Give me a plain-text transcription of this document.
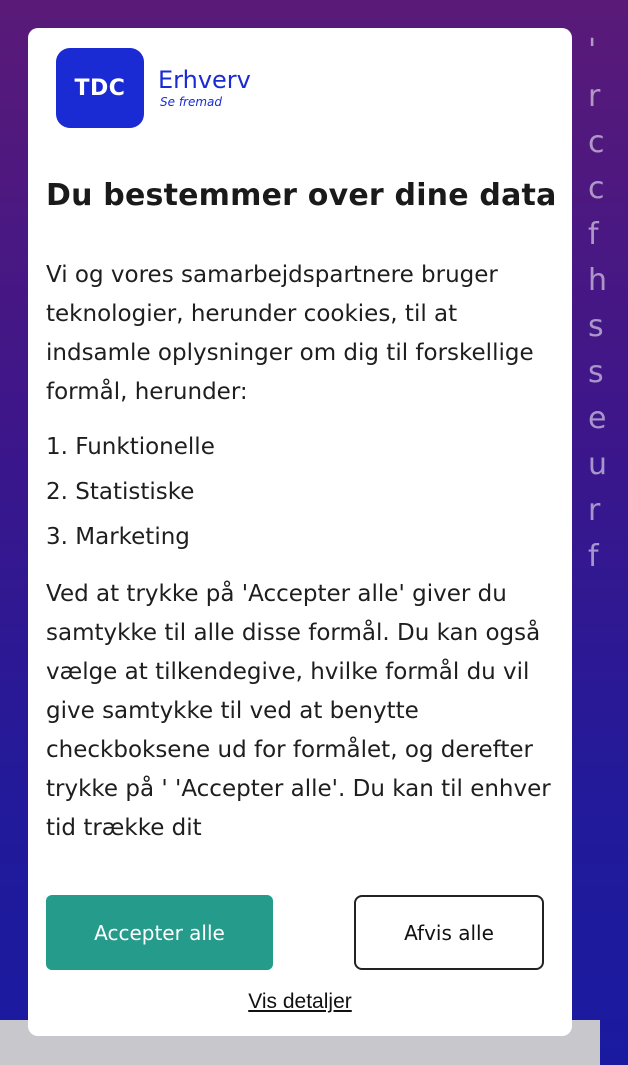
'
r
c
c
f
h
s
s
e
u
r
f
TDC	Erhverv
Se fremad
Du bestemmer over dine data

Vi og vores samarbejdspartnere bruger teknologier, herunder cookies, til at indsamle oplysninger om dig til forskellige formål, herunder:

1. Funktionelle
2. Statistiske
3. Marketing

Ved at trykke på 'Accepter alle' giver du samtykke til alle disse formål. Du kan også vælge at tilkendegive, hvilke formål du vil give samtykke til ved at benytte checkboksene ud for formålet, og derefter trykke på ' 'Accepter alle'. Du kan til enhver tid trække dit

Accepter alle	Afvis alle
Vis detaljer
